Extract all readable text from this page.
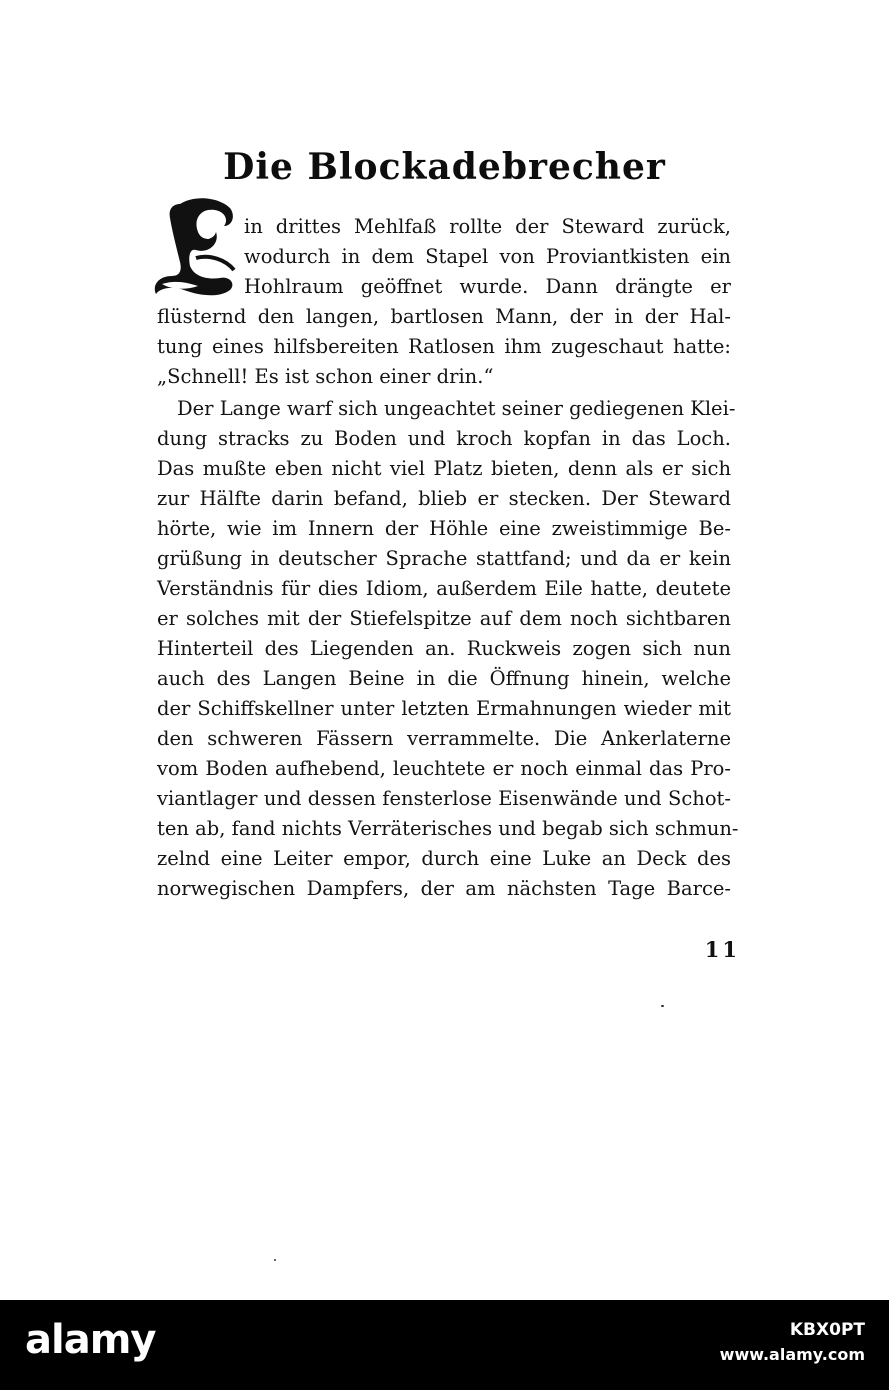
Die Blockadebrecher
in drittes Mehlfaß rollte der Steward zurück,
wodurch in dem Stapel von Proviantkisten ein
Hohlraum geöffnet wurde. Dann drängte er
flüsternd den langen, bartlosen Mann, der in der Hal-
tung eines hilfsbereiten Ratlosen ihm zugeschaut hatte:
„Schnell! Es ist schon einer drin.“
Der Lange warf sich ungeachtet seiner gediegenen Klei-
dung stracks zu Boden und kroch kopfan in das Loch.
Das mußte eben nicht viel Platz bieten, denn als er sich
zur Hälfte darin befand, blieb er stecken. Der Steward
hörte, wie im Innern der Höhle eine zweistimmige Be-
grüßung in deutscher Sprache stattfand; und da er kein
Verständnis für dies Idiom, außerdem Eile hatte, deutete
er solches mit der Stiefelspitze auf dem noch sichtbaren
Hinterteil des Liegenden an. Ruckweis zogen sich nun
auch des Langen Beine in die Öffnung hinein, welche
der Schiffskellner unter letzten Ermahnungen wieder mit
den schweren Fässern verrammelte. Die Ankerlaterne
vom Boden aufhebend, leuchtete er noch einmal das Pro-
viantlager und dessen fensterlose Eisenwände und Schot-
ten ab, fand nichts Verräterisches und begab sich schmun-
zelnd eine Leiter empor, durch eine Luke an Deck des
norwegischen Dampfers, der am nächsten Tage Barce-
11
alamy	KBX0PT
www.alamy.com
